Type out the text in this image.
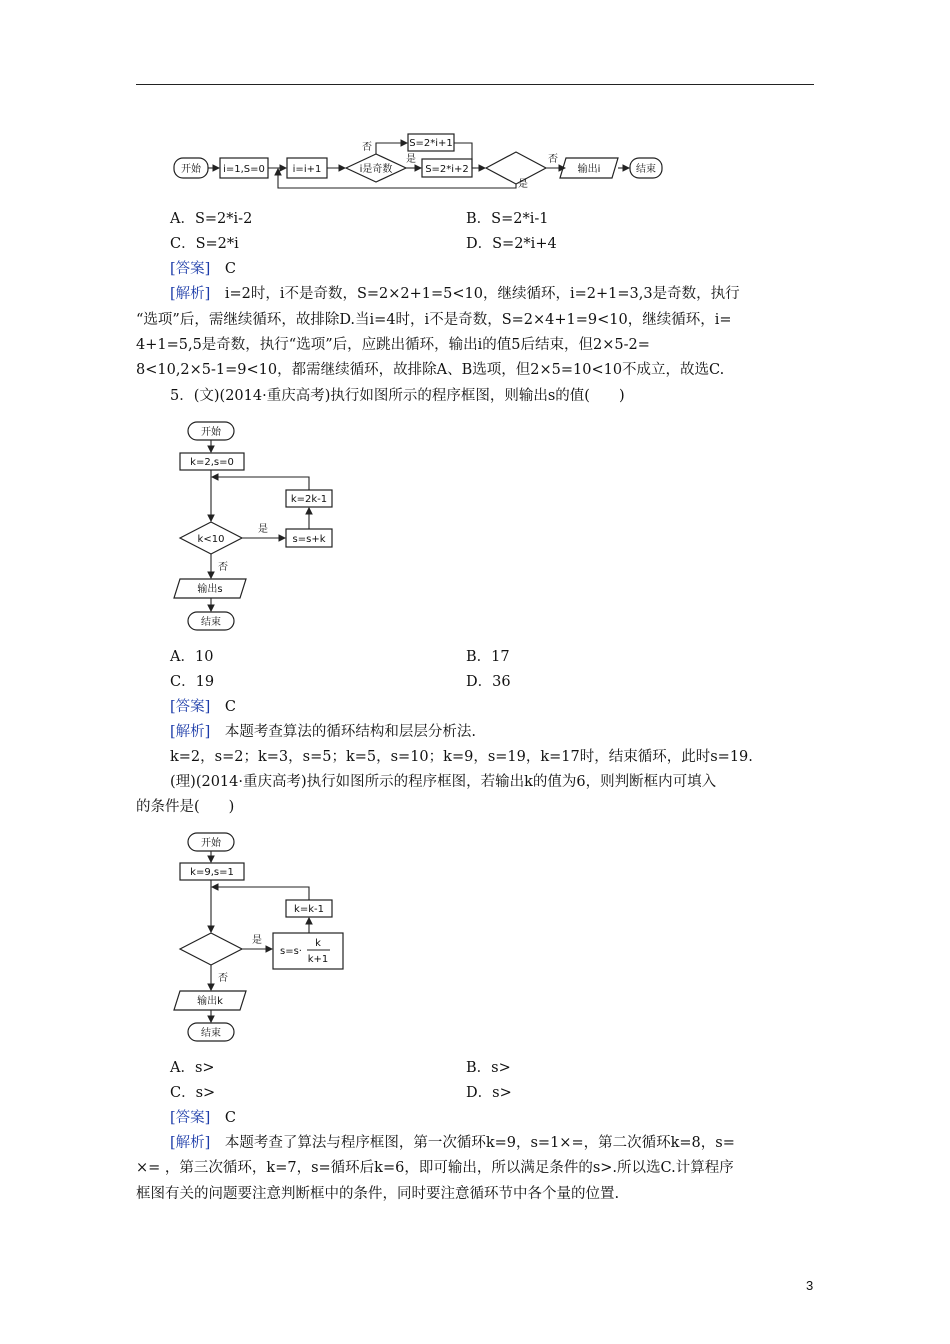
开始 i=1,S=0	i=i+1	i是奇数
S=2*i+1
S=2*i+2	输出i	结束
否
是	否
是
A．S=2*i-2	B．S=2*i-1
C．S=2*i	D．S=2*i+4
[答案]　 C
[解析]　 i=2时，i不是奇数，S=2×2+1=5<10，继续循环，i=2+1=3,3是奇数，执行
“选项”后，需继续循环，故排除D.当i=4时，i不是奇数，S=2×4+1=9<10，继续循环，i=
4+1=5,5是奇数，执行“选项”后，应跳出循环，输出i的值5后结束，但2×5-2=
8<10,2×5-1=9<10，都需继续循环，故排除A、B选项，但2×5=10<10不成立，故选C.
5．(文)(2014·重庆高考)执行如图所示的程序框图，则输出s的值(　　)
开始
k=2,s=0
k=2k-1
k<10
是
s=s+k
否
输出s
结束
A．10	B．17
C．19	D．36
[答案]　 C
[解析]　 本题考查算法的循环结构和层层分析法.
k=2，s=2；k=3，s=5；k=5，s=10；k=9，s=19，k=17时，结束循环，此时s=19.
(理)(2014·重庆高考)执行如图所示的程序框图，若输出k的值为6，则判断框内可填入
的条件是(　　)
开始
k=9,s=1
k=k-1
是
s=s·
k
k+1
否
输出k
结束
A．s>	B．s>
C．s>	D．s>
[答案]　 C
[解析]　 本题考查了算法与程序框图，第一次循环k=9，s=1×=，第二次循环k=8，s=
×= ，第三次循环，k=7，s=循环后k=6，即可输出，所以满足条件的s>.所以选C.计算程序
框图有关的问题要注意判断框中的条件，同时要注意循环节中各个量的位置.
3
